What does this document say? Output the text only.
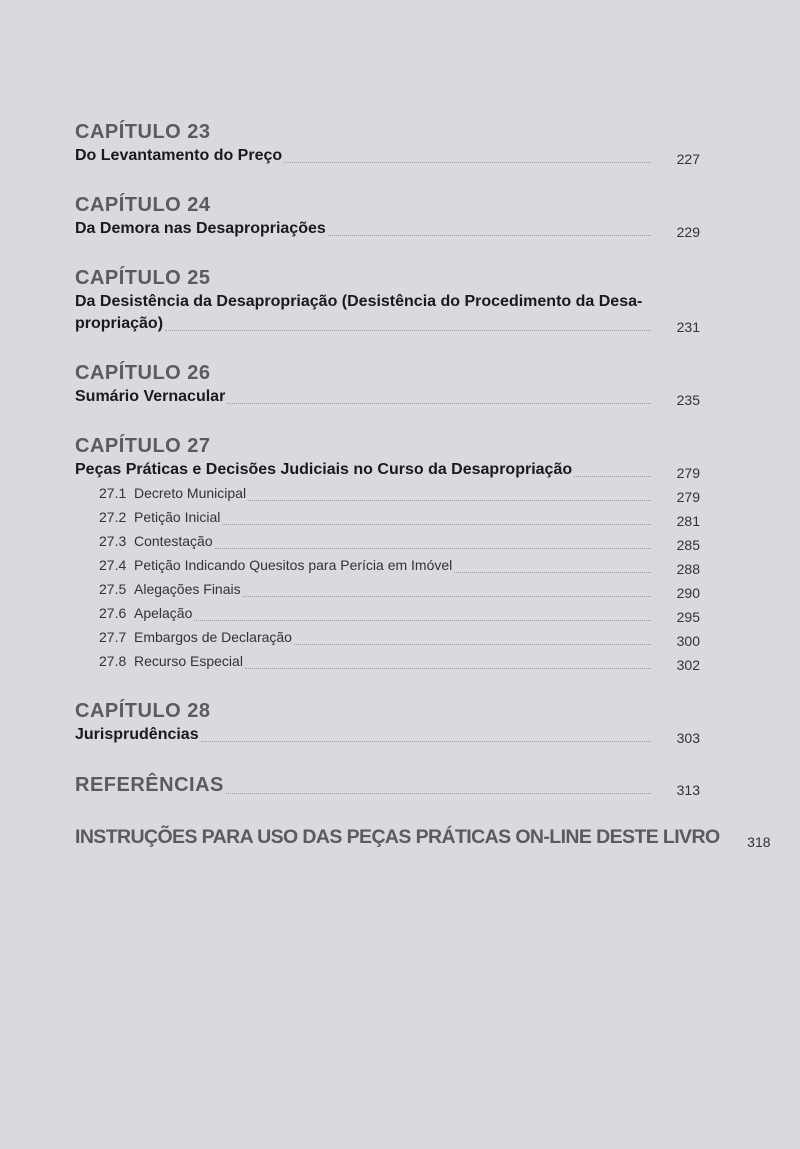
CAPÍTULO 23
Do Levantamento do Preço	227
CAPÍTULO 24
Da Demora nas Desapropriações	229
CAPÍTULO 25
Da Desistência da Desapropriação (Desistência do Procedimento da Desa-
propriação)	231
CAPÍTULO 26
Sumário Vernacular	235
CAPÍTULO 27
Peças Práticas e Decisões Judiciais no Curso da Desapropriação	279
27.1 Decreto Municipal	279
27.2 Petição Inicial	281
27.3 Contestação	285
27.4 Petição Indicando Quesitos para Perícia em Imóvel	288
27.5 Alegações Finais	290
27.6 Apelação	295
27.7 Embargos de Declaração	300
27.8 Recurso Especial	302
CAPÍTULO 28
Jurisprudências	303
REFERÊNCIAS	313
INSTRUÇÕES PARA USO DAS PEÇAS PRÁTICAS ON-LINE DESTE LIVRO	318
